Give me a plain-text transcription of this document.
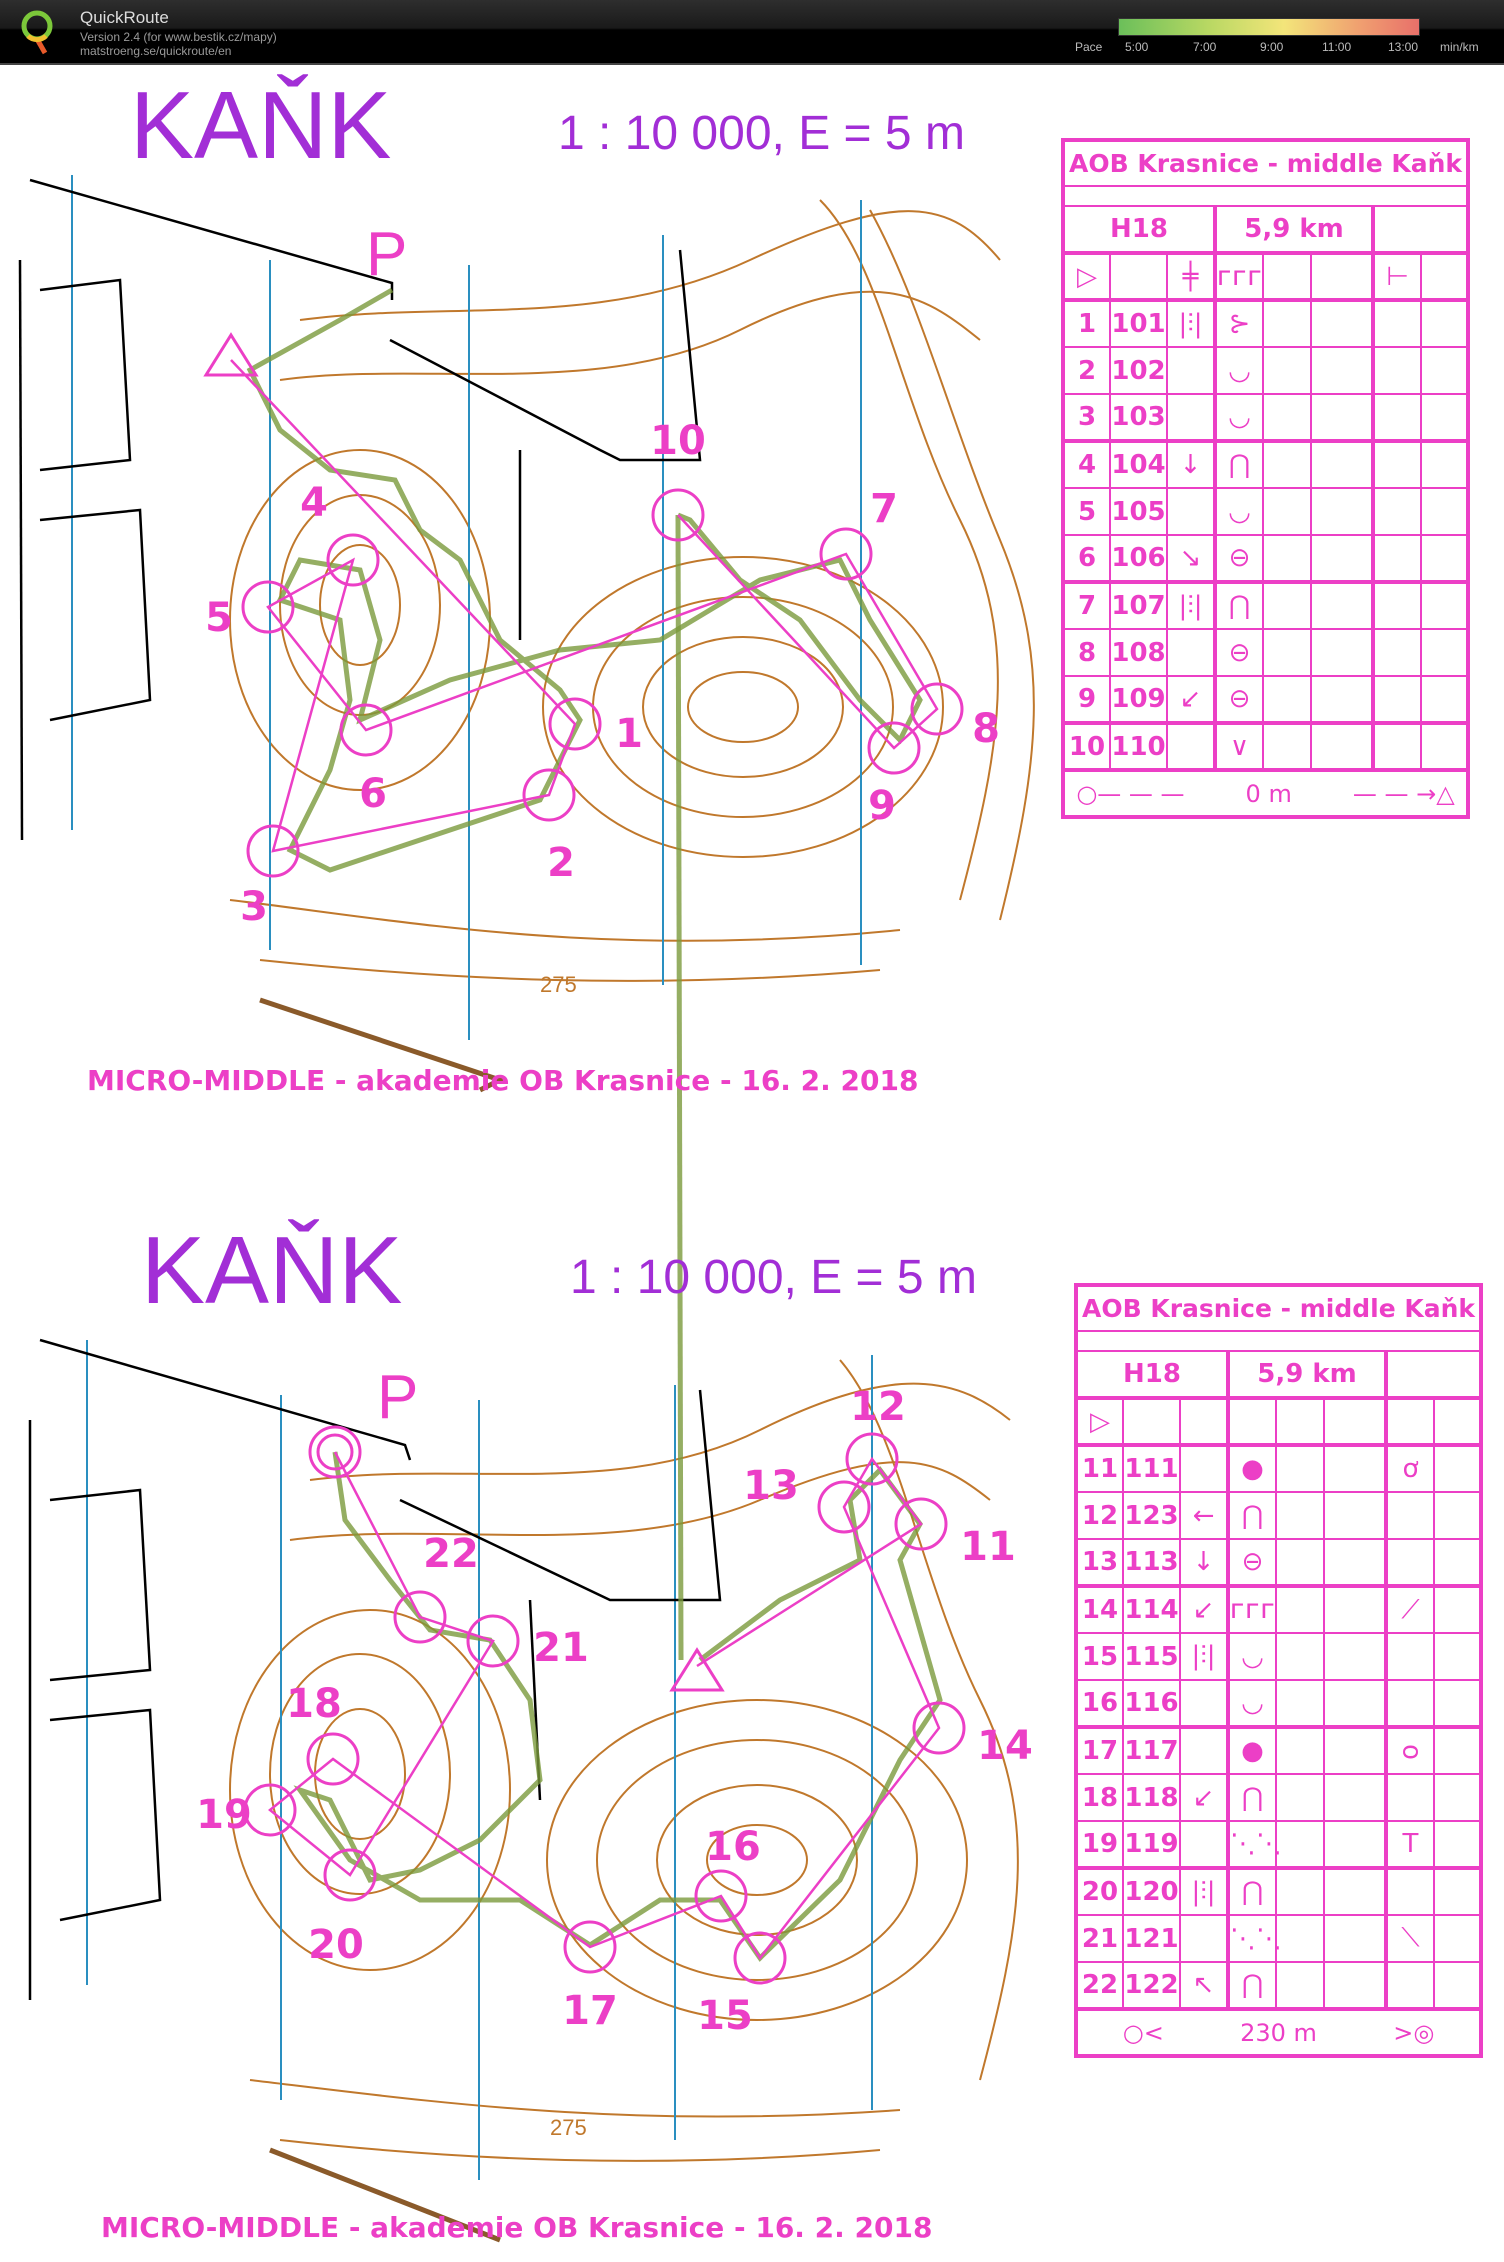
QuickRoute
Version 2.4 (for www.bestik.cz/mapy)
matstroeng.se/quickroute/en	Pace 5:00	7:00	9:00	11:00	13:00 min/km
275
275
1
2
3
4
5
6
7
8
9
10
11
12
13
14
15
16
17
18
19
20
21
22
P
P
KAŇK	1 : 10 000, E = 5 m
MICRO-MIDDLE - akademie OB Krasnice - 16. 2. 2018
KAŇK	1 : 10 000, E = 5 m
MICRO-MIDDLE - akademie OB Krasnice - 16. 2. 2018
AOB Krasnice - middle Kaňk							

H18			5,9 km				
▷		╪	ᴦᴦᴦ			⊢	
1	101	|⫶|	⊱				
2	102		◡				
3	103		◡				
4	104	↓	⋂				
5	105		◡				
6	106	↘	⊖				
7	107	|⫶|	⋂				
8	108		⊖				
9	109	↙	⊖				
10	110		∨				
○— — —        0 m        — — →△							
AOB Krasnice - middle Kaňk							

H18			5,9 km				
▷							
11	111		●			ơ	
12	123	←	⋂				
13	113	↓	⊖				
14	114	↙	ᴦᴦᴦ			⟋	
15	115	|⫶|	◡				
16	116		◡				
17	117		●			ᴑ	
18	118	↙	⋂				
19	119		⋱⋱			T	
20	120	|⫶|	⋂				
21	121		⋱⋱			⟍	
22	122	↖	⋂				
○<          230 m          >◎							
